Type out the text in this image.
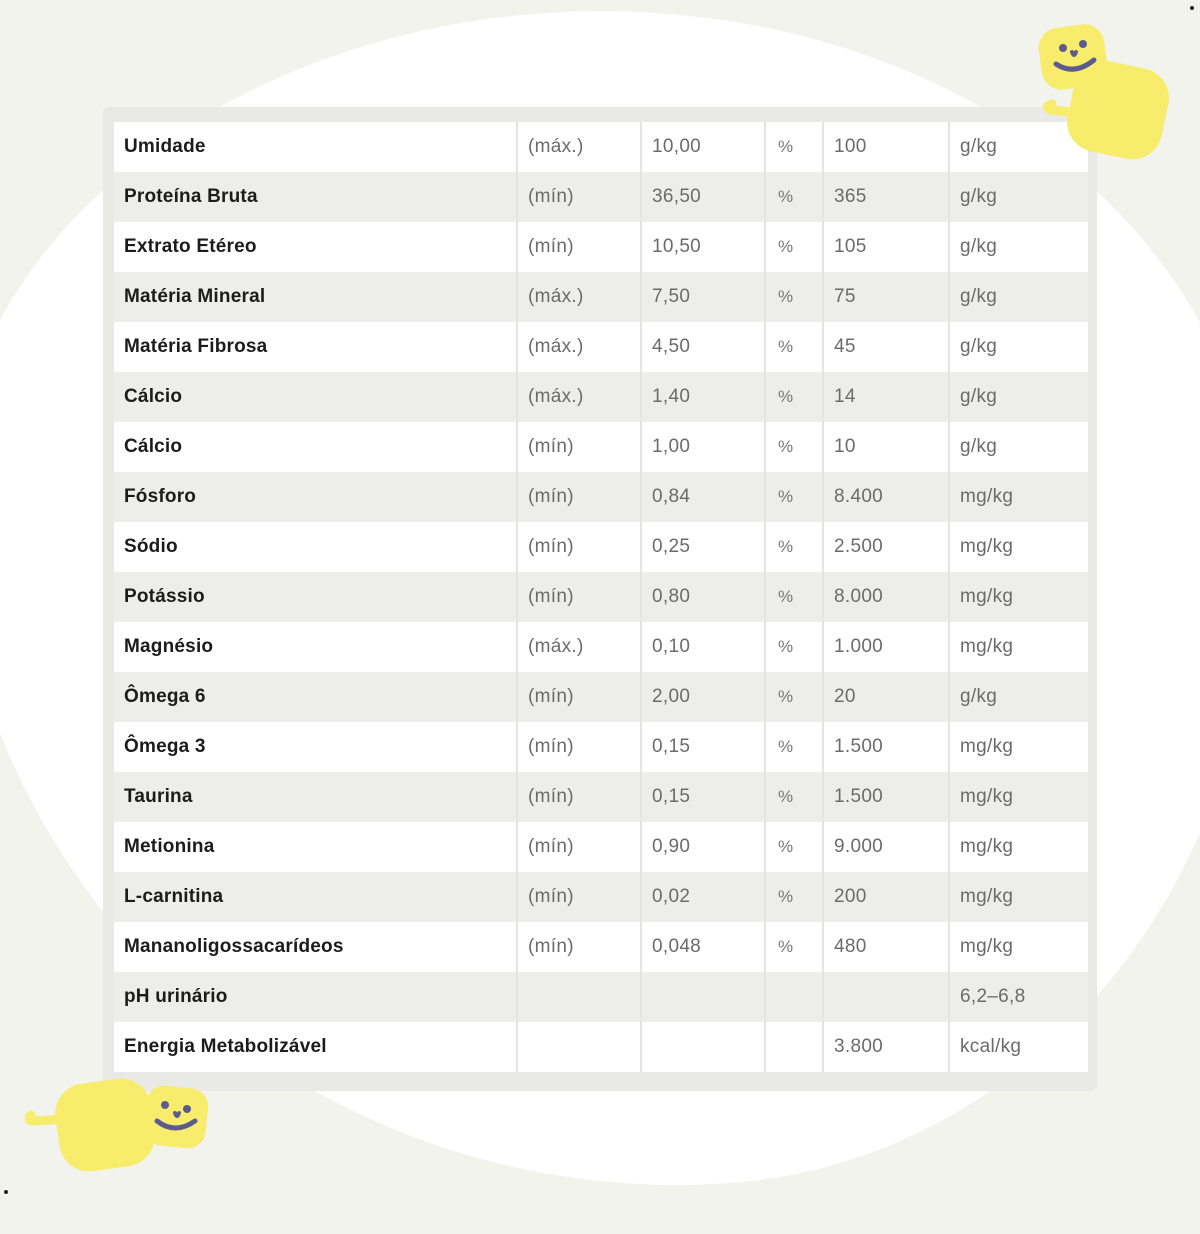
Umidade	(máx.)	10,00	%	100	g/kg
Proteína Bruta	(mín)	36,50	%	365	g/kg
Extrato Etéreo	(mín)	10,50	%	105	g/kg
Matéria Mineral	(máx.)	7,50	%	75	g/kg
Matéria Fibrosa	(máx.)	4,50	%	45	g/kg
Cálcio	(máx.)	1,40	%	14	g/kg
Cálcio	(mín)	1,00	%	10	g/kg
Fósforo	(mín)	0,84	%	8.400	mg/kg
Sódio	(mín)	0,25	%	2.500	mg/kg
Potássio	(mín)	0,80	%	8.000	mg/kg
Magnésio	(máx.)	0,10	%	1.000	mg/kg
Ômega 6	(mín)	2,00	%	20	g/kg
Ômega 3	(mín)	0,15	%	1.500	mg/kg
Taurina	(mín)	0,15	%	1.500	mg/kg
Metionina	(mín)	0,90	%	9.000	mg/kg
L-carnitina	(mín)	0,02	%	200	mg/kg
Mananoligossacarídeos	(mín)	0,048	%	480	mg/kg
pH urinário					6,2–6,8
Energia Metabolizável				3.800	kcal/kg
